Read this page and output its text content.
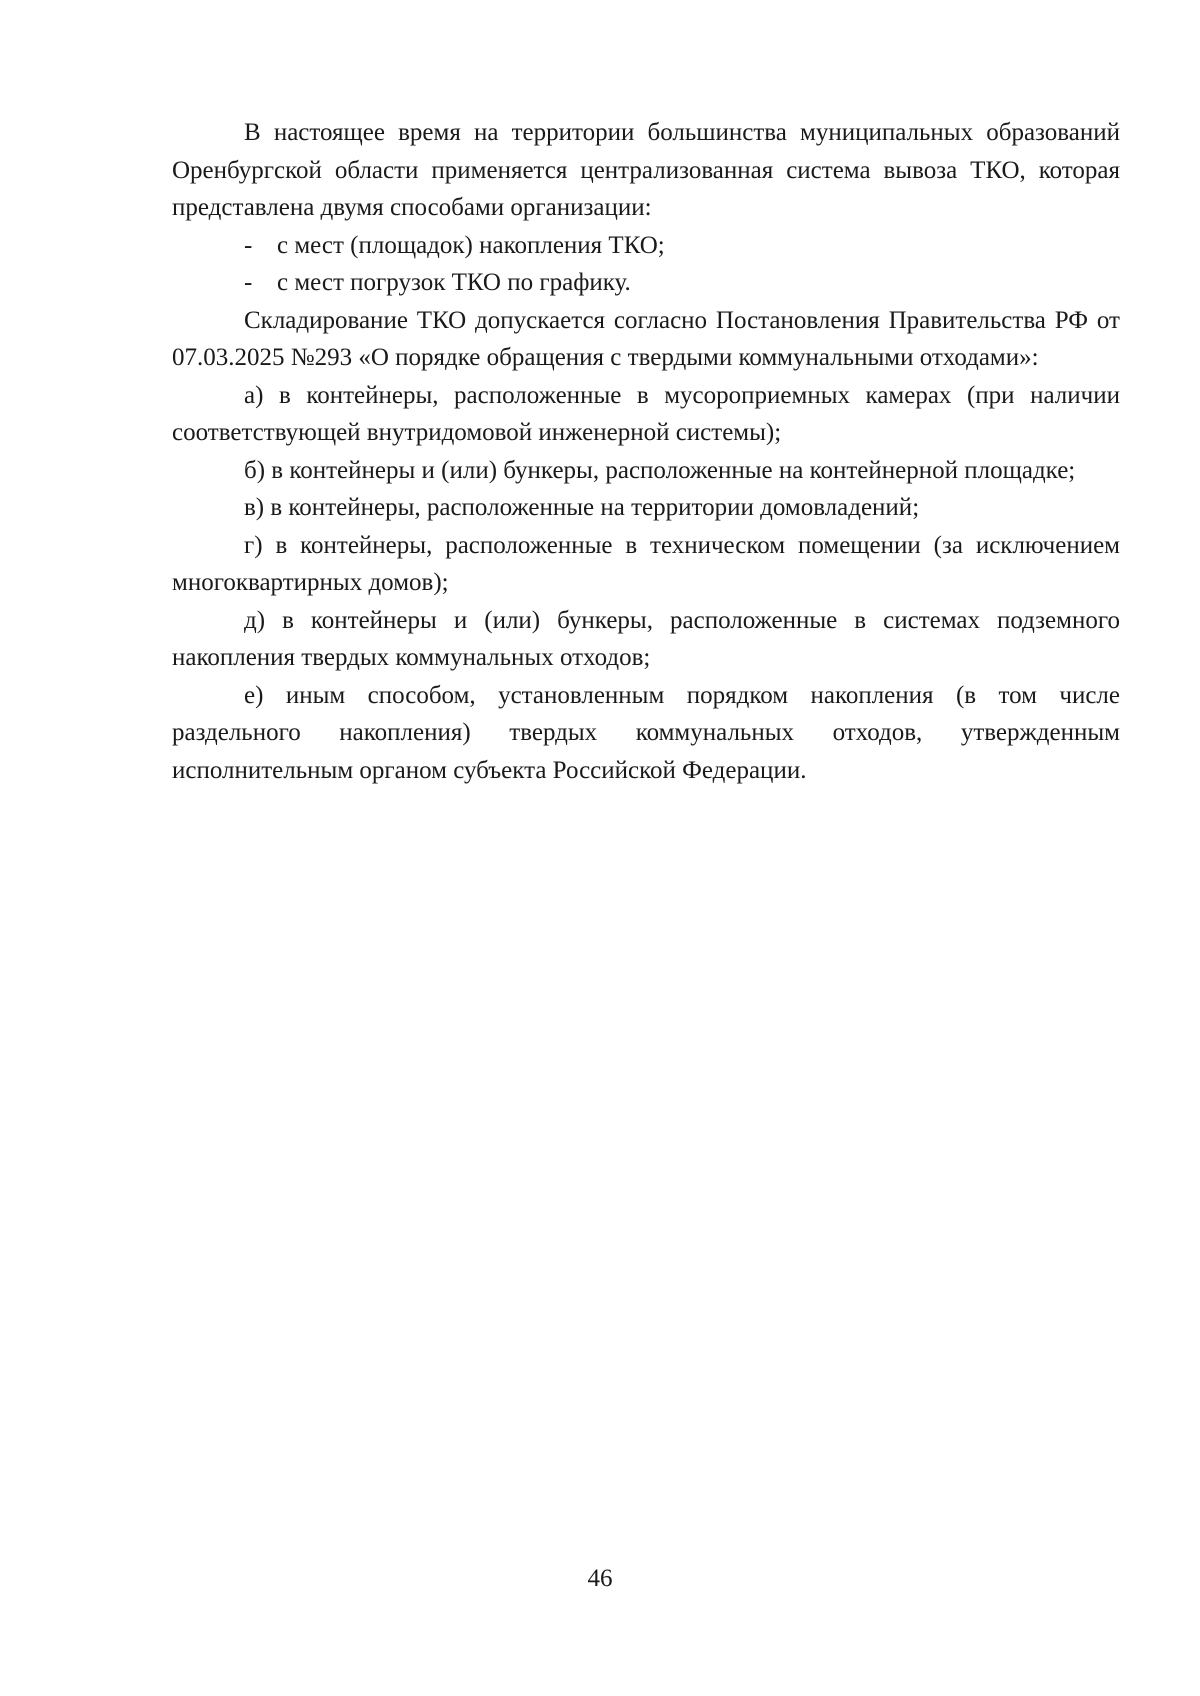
В настоящее время на территории большинства муниципальных образований Оренбургской области применяется централизованная система вывоза ТКО, которая представлена двумя способами организации:

- с мест (площадок) накопления ТКО;
- с мест погрузок ТКО по графику.

Складирование ТКО допускается согласно Постановления Правительства РФ от 07.03.2025 №293 «О порядке обращения с твердыми коммунальными отходами»:

а) в контейнеры, расположенные в мусороприемных камерах (при наличии соответствующей внутридомовой инженерной системы);

б) в контейнеры и (или) бункеры, расположенные на контейнерной площадке;

в) в контейнеры, расположенные на территории домовладений;

г) в контейнеры, расположенные в техническом помещении (за исключением многоквартирных домов);

д) в контейнеры и (или) бункеры, расположенные в системах подземного накопления твердых коммунальных отходов;

е) иным способом, установленным порядком накопления (в том числе раздельного накопления) твердых коммунальных отходов, утвержденным исполнительным органом субъекта Российской Федерации.

46
